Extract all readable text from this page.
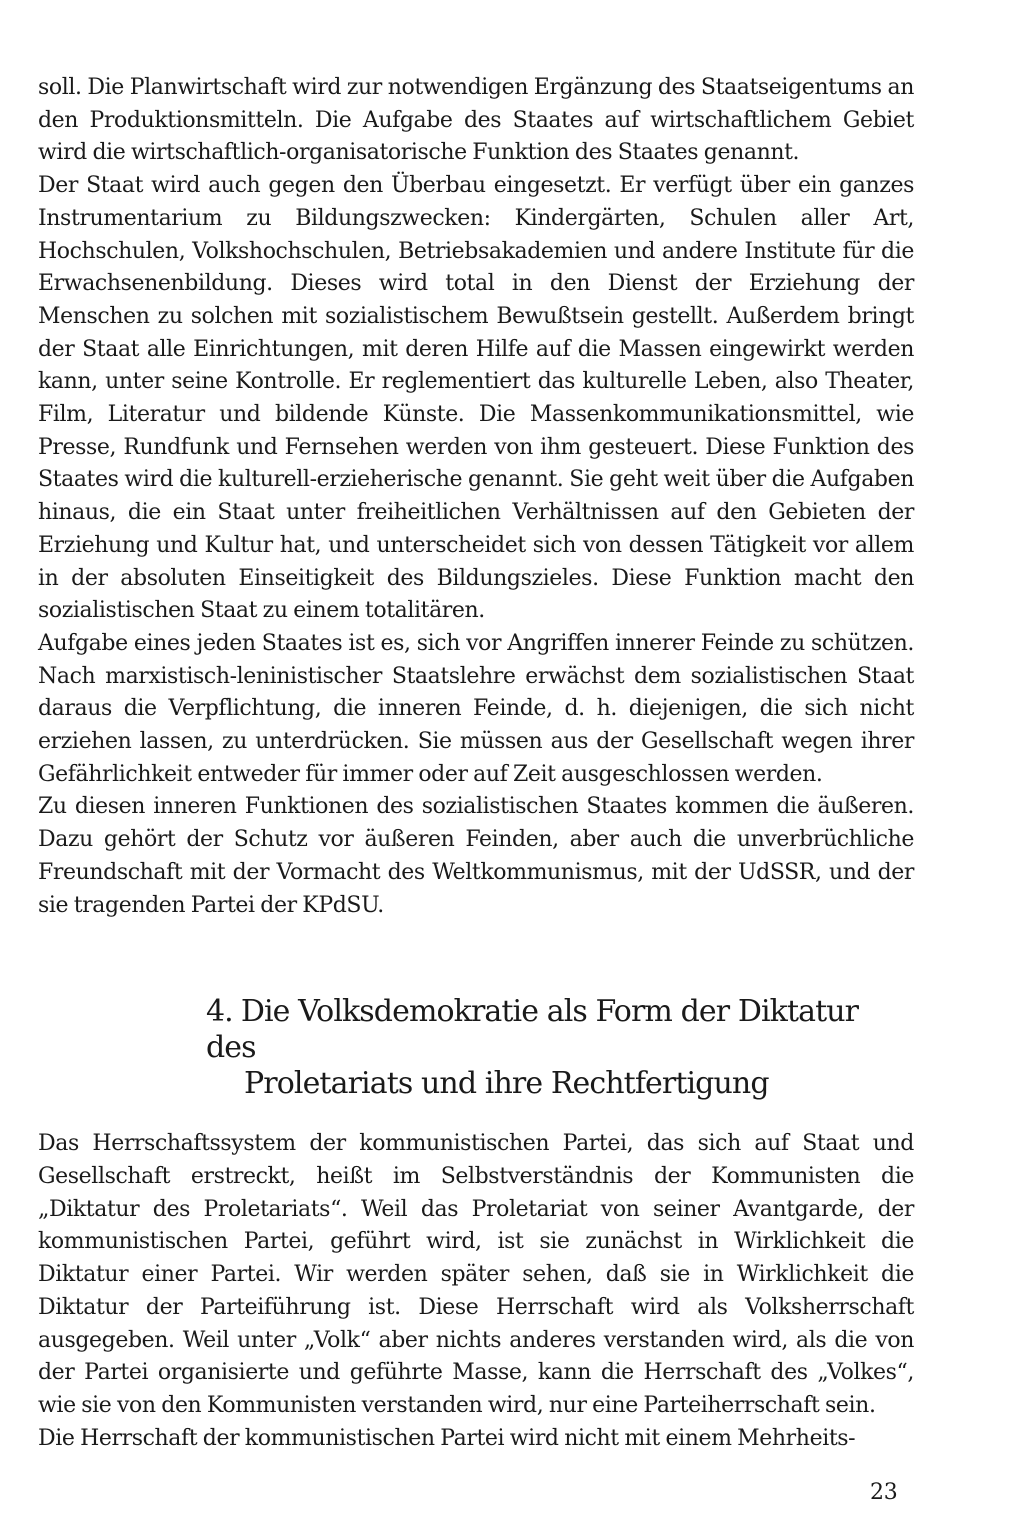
soll. Die Planwirtschaft wird zur notwendigen Ergänzung des Staatseigentums an den Produktionsmitteln. Die Aufgabe des Staates auf wirtschaftlichem Gebiet wird die wirtschaftlich-organisatorische Funktion des Staates genannt.

Der Staat wird auch gegen den Überbau eingesetzt. Er verfügt über ein ganzes Instrumentarium zu Bildungszwecken: Kindergärten, Schulen aller Art, Hochschulen, Volkshochschulen, Betriebsakademien und andere Institute für die Erwachsenenbildung. Dieses wird total in den Dienst der Erziehung der Menschen zu solchen mit sozialistischem Bewußtsein gestellt. Außerdem bringt der Staat alle Einrichtungen, mit deren Hilfe auf die Massen eingewirkt werden kann, unter seine Kontrolle. Er reglementiert das kulturelle Leben, also Theater, Film, Literatur und bildende Künste. Die Massenkommunikationsmittel, wie Presse, Rundfunk und Fernsehen werden von ihm gesteuert. Diese Funktion des Staates wird die kulturell-erzieherische genannt. Sie geht weit über die Aufgaben hinaus, die ein Staat unter freiheitlichen Verhältnissen auf den Gebieten der Erziehung und Kultur hat, und unterscheidet sich von dessen Tätigkeit vor allem in der absoluten Einseitigkeit des Bildungszieles. Diese Funktion macht den sozialistischen Staat zu einem totalitären.

Aufgabe eines jeden Staates ist es, sich vor Angriffen innerer Feinde zu schützen. Nach marxistisch-leninistischer Staatslehre erwächst dem sozialistischen Staat daraus die Verpflichtung, die inneren Feinde, d. h. diejenigen, die sich nicht erziehen lassen, zu unterdrücken. Sie müssen aus der Gesellschaft wegen ihrer Gefährlichkeit entweder für immer oder auf Zeit ausgeschlossen werden.

Zu diesen inneren Funktionen des sozialistischen Staates kommen die äußeren. Dazu gehört der Schutz vor äußeren Feinden, aber auch die unverbrüchliche Freundschaft mit der Vormacht des Weltkommunismus, mit der UdSSR, und der sie tragenden Partei der KPdSU.

4. Die Volksdemokratie als Form der Diktatur des
Proletariats und ihre Rechtfertigung

Das Herrschaftssystem der kommunistischen Partei, das sich auf Staat und Gesellschaft erstreckt, heißt im Selbstverständnis der Kommunisten die „Diktatur des Proletariats“. Weil das Proletariat von seiner Avantgarde, der kommunistischen Partei, geführt wird, ist sie zunächst in Wirklichkeit die Diktatur einer Partei. Wir werden später sehen, daß sie in Wirklichkeit die Diktatur der Parteiführung ist. Diese Herrschaft wird als Volksherrschaft ausgegeben. Weil unter „Volk“ aber nichts anderes verstanden wird, als die von der Partei organisierte und geführte Masse, kann die Herrschaft des „Volkes“, wie sie von den Kommunisten verstanden wird, nur eine Parteiherrschaft sein.

Die Herrschaft der kommunistischen Partei wird nicht mit einem Mehrheits-

23
